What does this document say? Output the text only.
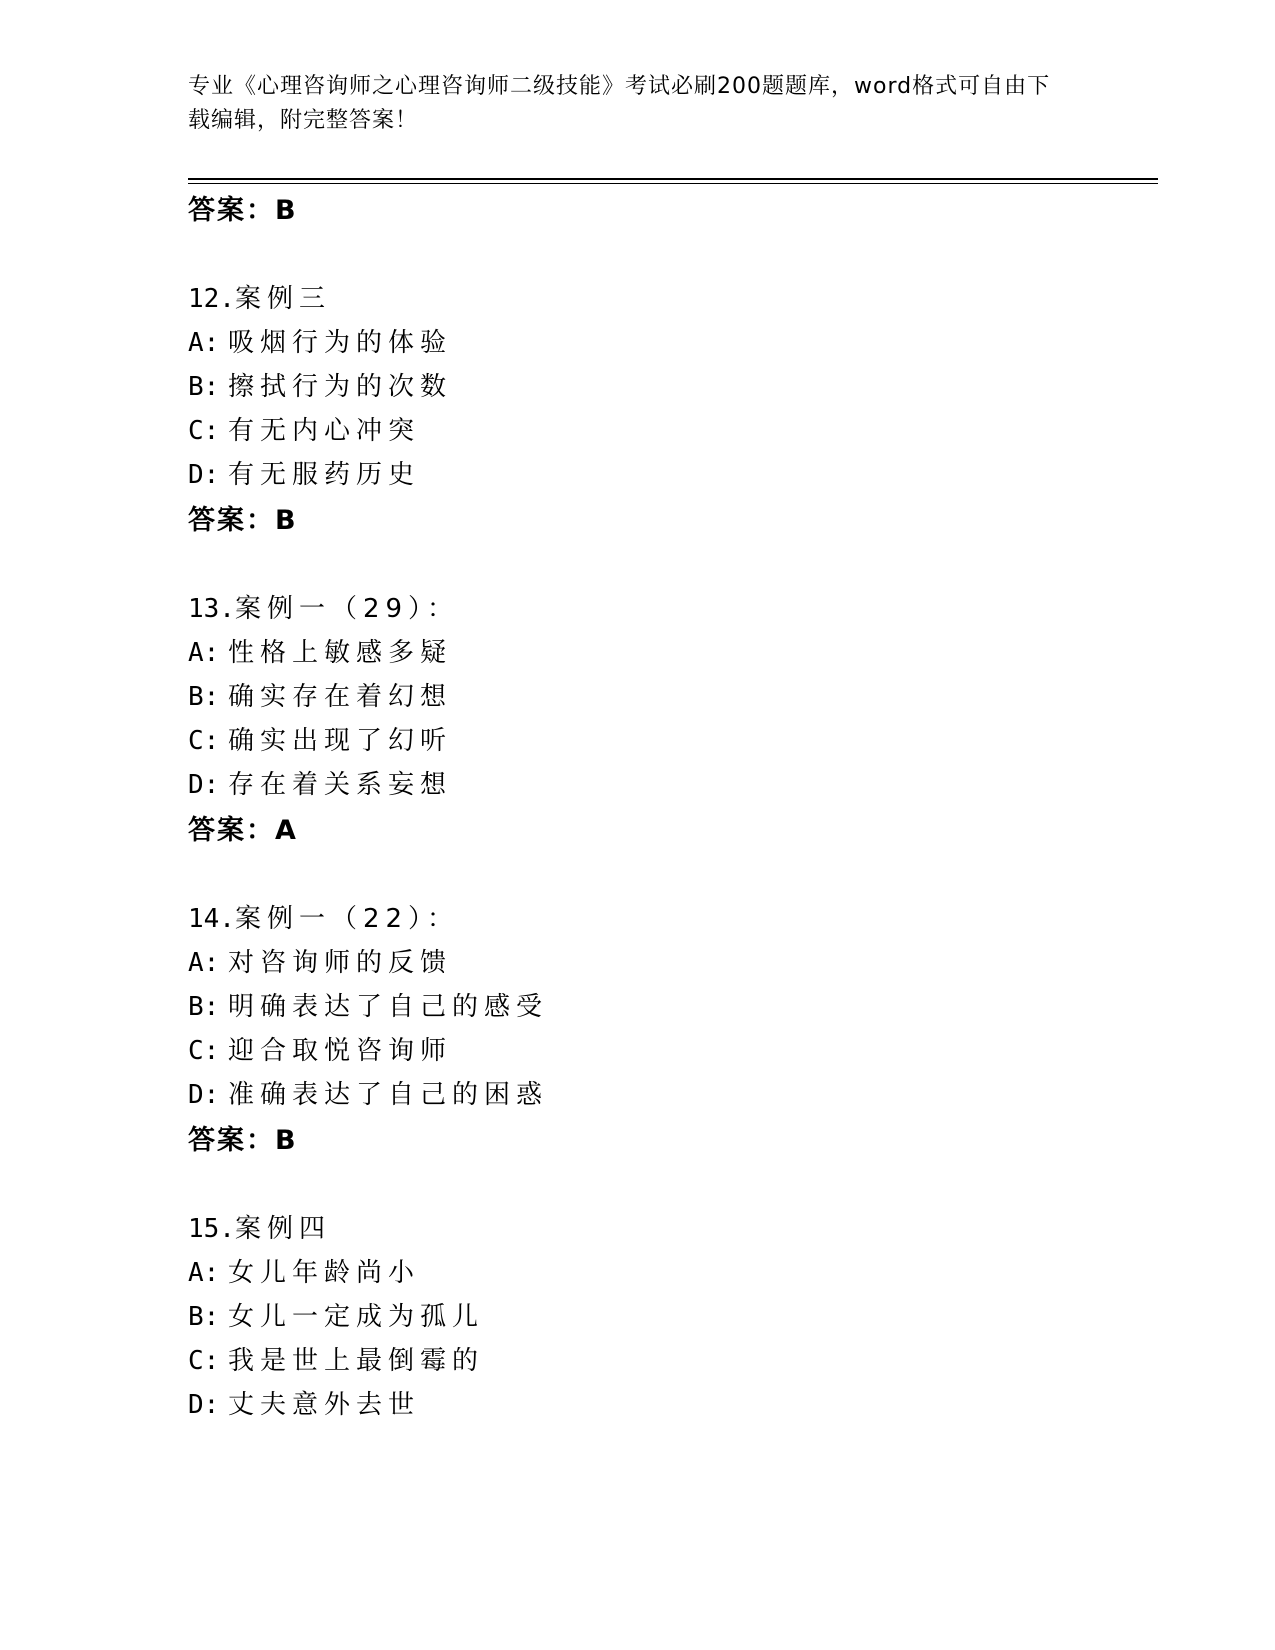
专业《心理咨询师之心理咨询师二级技能》考试必刷200题题库，word格式可自由下载编辑，附完整答案！
答案：B
12.案例三
A: 吸烟行为的体验
B: 擦拭行为的次数
C: 有无内心冲突
D: 有无服药历史
答案：B
13.案例一（29）：
A: 性格上敏感多疑
B: 确实存在着幻想
C: 确实出现了幻听
D: 存在着关系妄想
答案：A
14.案例一（22）：
A: 对咨询师的反馈
B: 明确表达了自己的感受
C: 迎合取悦咨询师
D: 准确表达了自己的困惑
答案：B
15.案例四
A: 女儿年龄尚小
B: 女儿一定成为孤儿
C: 我是世上最倒霉的
D: 丈夫意外去世
